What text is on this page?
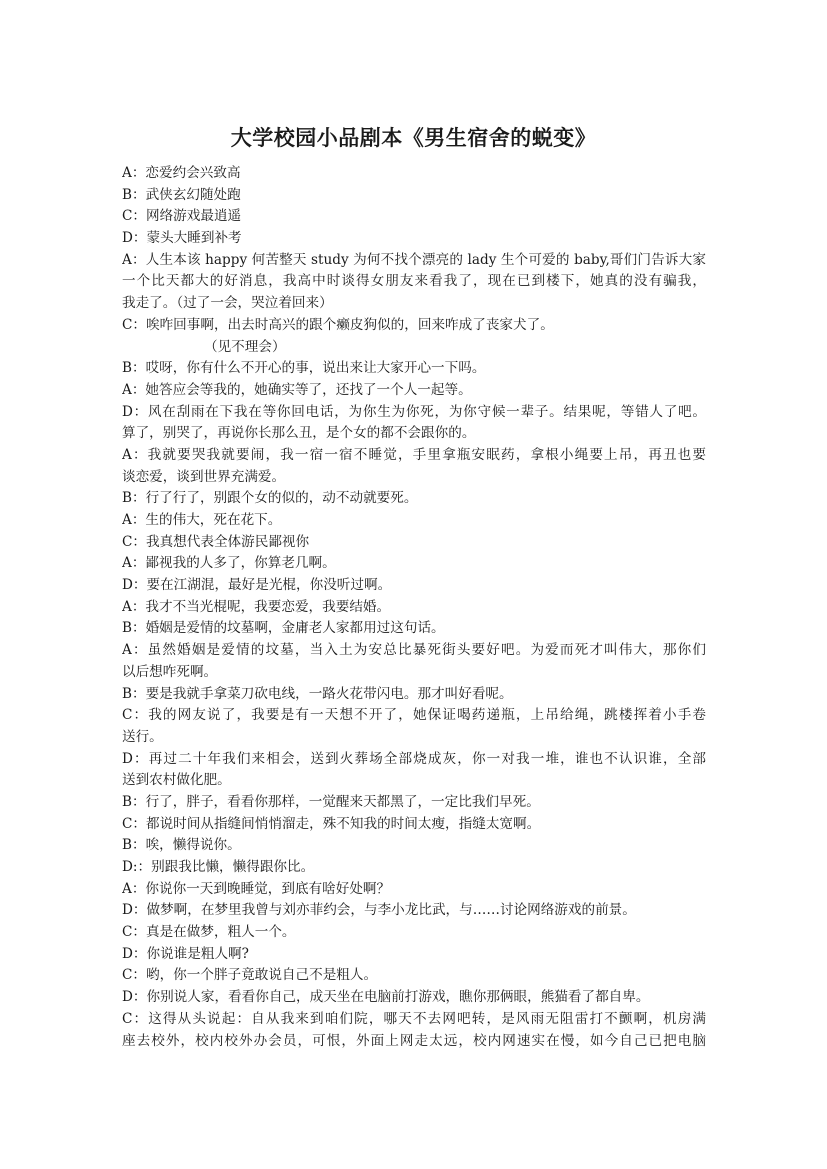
大学校园小品剧本《男生宿舍的蜕变》
A：恋爱约会兴致高
B：武侠玄幻随处跑
C：网络游戏最逍遥
D：蒙头大睡到补考
A：人生本该 happy 何苦整天 study 为何不找个漂亮的 lady 生个可爱的 baby,哥们门告诉大家
一个比天都大的好消息，我高中时谈得女朋友来看我了，现在已到楼下，她真的没有骗我，
我走了。（过了一会，哭泣着回来）
C：唉咋回事啊，出去时高兴的跟个癞皮狗似的，回来咋成了丧家犬了。
（见不理会）
B：哎呀，你有什么不开心的事，说出来让大家开心一下吗。
A：她答应会等我的，她确实等了，还找了一个人一起等。
D：风在刮雨在下我在等你回电话，为你生为你死，为你守候一辈子。结果呢，等错人了吧。
算了，别哭了，再说你长那么丑，是个女的都不会跟你的。
A：我就要哭我就要闹，我一宿一宿不睡觉，手里拿瓶安眠药，拿根小绳要上吊，再丑也要
谈恋爱，谈到世界充满爱。
B：行了行了，别跟个女的似的，动不动就要死。
A：生的伟大，死在花下。
C：我真想代表全体游民鄙视你
A：鄙视我的人多了，你算老几啊。
D：要在江湖混，最好是光棍，你没听过啊。
A：我才不当光棍呢，我要恋爱，我要结婚。
B：婚姻是爱情的坟墓啊，金庸老人家都用过这句话。
A：虽然婚姻是爱情的坟墓，当入土为安总比暴死街头要好吧。为爱而死才叫伟大，那你们
以后想咋死啊。
B：要是我就手拿菜刀砍电线，一路火花带闪电。那才叫好看呢。
C：我的网友说了，我要是有一天想不开了，她保证喝药递瓶，上吊给绳，跳楼挥着小手卷
送行。
D：再过二十年我们来相会，送到火葬场全部烧成灰，你一对我一堆，谁也不认识谁，全部
送到农村做化肥。
B：行了，胖子，看看你那样，一觉醒来天都黑了，一定比我们早死。
C：都说时间从指缝间悄悄溜走，殊不知我的时间太瘦，指缝太宽啊。
B：唉，懒得说你。
D:：别跟我比懒，懒得跟你比。
A：你说你一天到晚睡觉，到底有啥好处啊？
D：做梦啊，在梦里我曾与刘亦菲约会，与李小龙比武，与……讨论网络游戏的前景。
C：真是在做梦，粗人一个。
D：你说谁是粗人啊?
C：哟，你一个胖子竟敢说自己不是粗人。
D：你别说人家，看看你自己，成天坐在电脑前打游戏，瞧你那俩眼，熊猫看了都自卑。
C：这得从头说起：自从我来到咱们院，哪天不去网吧转，是风雨无阻雷打不颤啊，机房满
座去校外，校内校外办会员，可恨，外面上网走太远，校内网速实在慢，如今自己已把电脑
